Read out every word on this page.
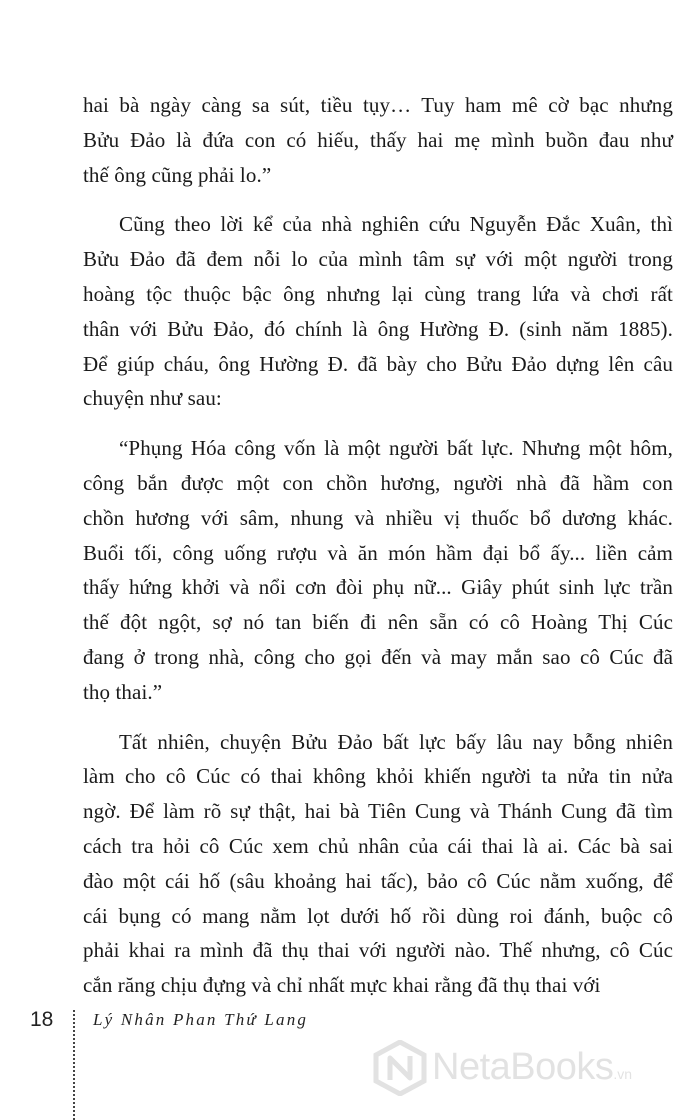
hai bà ngày càng sa sút, tiều tụy… Tuy ham mê cờ bạc nhưng
Bửu Đảo là đứa con có hiếu, thấy hai mẹ mình buồn đau như
thế ông cũng phải lo.”

Cũng theo lời kể của nhà nghiên cứu Nguyễn Đắc Xuân, thì
Bửu Đảo đã đem nỗi lo của mình tâm sự với một người trong
hoàng tộc thuộc bậc ông nhưng lại cùng trang lứa và chơi rất
thân với Bửu Đảo, đó chính là ông Hường Đ. (sinh năm 1885).
Để giúp cháu, ông Hường Đ. đã bày cho Bửu Đảo dựng lên câu
chuyện như sau:

“Phụng Hóa công vốn là một người bất lực. Nhưng một hôm,
công bắn được một con chồn hương, người nhà đã hầm con
chồn hương với sâm, nhung và nhiều vị thuốc bổ dương khác.
Buổi tối, công uống rượu và ăn món hầm đại bổ ấy... liền cảm
thấy hứng khởi và nổi cơn đòi phụ nữ... Giây phút sinh lực trần
thế đột ngột, sợ nó tan biến đi nên sẵn có cô Hoàng Thị Cúc
đang ở trong nhà, công cho gọi đến và may mắn sao cô Cúc đã
thọ thai.”

Tất nhiên, chuyện Bửu Đảo bất lực bấy lâu nay bỗng nhiên
làm cho cô Cúc có thai không khỏi khiến người ta nửa tin nửa
ngờ. Để làm rõ sự thật, hai bà Tiên Cung và Thánh Cung đã tìm
cách tra hỏi cô Cúc xem chủ nhân của cái thai là ai. Các bà sai
đào một cái hố (sâu khoảng hai tấc), bảo cô Cúc nằm xuống, để
cái bụng có mang nằm lọt dưới hố rồi dùng roi đánh, buộc cô
phải khai ra mình đã thụ thai với người nào. Thế nhưng, cô Cúc
cắn răng chịu đựng và chỉ nhất mực khai rằng đã thụ thai với

18 Lý Nhân Phan Thứ Lang
NetaBooks.vn
